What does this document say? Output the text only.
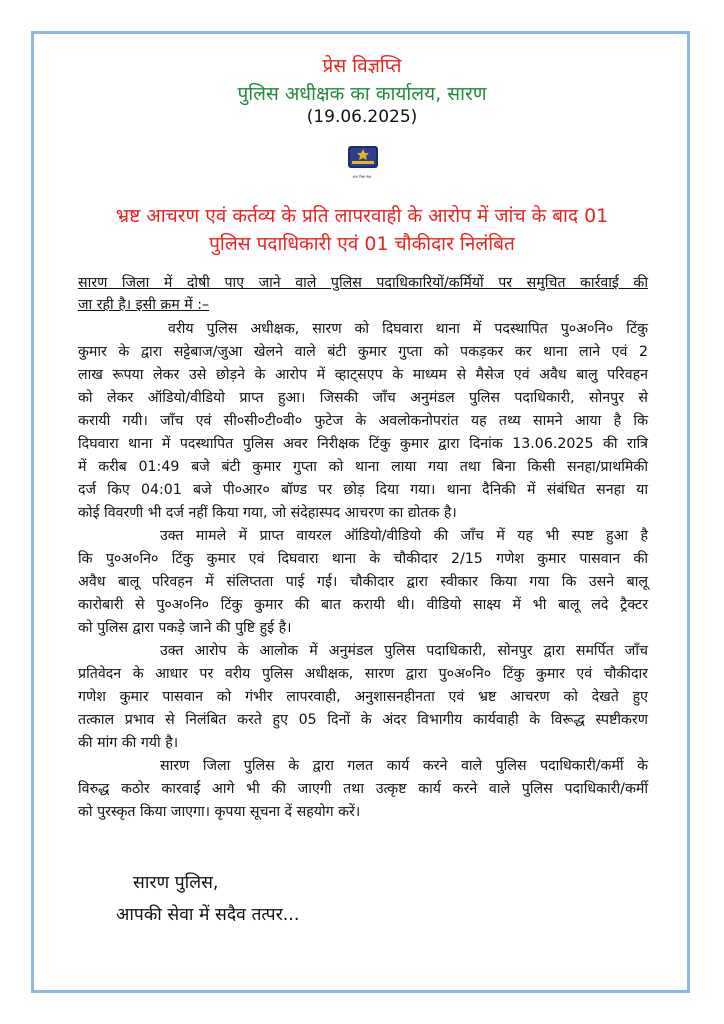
प्रेस विज्ञप्ति
पुलिस अधीक्षक का कार्यालय, सारण
(19.06.2025)
सत्य निष्ठा सेवा
भ्रष्ट आचरण एवं कर्तव्य के प्रति लापरवाही के आरोप में जांच के बाद 01
पुलिस पदाधिकारी एवं 01 चौकीदार निलंबित
सारण जिला में दोषी पाए जाने वाले पुलिस पदाधिकारियों/कर्मियों पर समुचित कार्रवाई की
जा रही है। इसी क्रम में :–
वरीय पुलिस अधीक्षक, सारण को दिघवारा थाना में पदस्थापित पु०अ०नि० टिंकु
कुमार के द्वारा सट्टेबाज/जुआ खेलने वाले बंटी कुमार गुप्ता को पकड़कर कर थाना लाने एवं 2
लाख रूपया लेकर उसे छोड़ने के आरोप में व्हाट्सएप के माध्यम से मैसेज एवं अवैध बालु परिवहन
को लेकर ऑडियो/वीडियो प्राप्त हुआ। जिसकी जाँच अनुमंडल पुलिस पदाधिकारी, सोनपुर से
करायी गयी। जाँच एवं सी०सी०टी०वी० फुटेज के अवलोकनोपरांत यह तथ्य सामने आया है कि
दिघवारा थाना में पदस्थापित पुलिस अवर निरीक्षक टिंकु कुमार द्वारा दिनांक 13.06.2025 की रात्रि
में करीब 01:49 बजे बंटी कुमार गुप्ता को थाना लाया गया तथा बिना किसी सनहा/प्राथमिकी
दर्ज किए 04:01 बजे पी०आर० बॉण्ड पर छोड़ दिया गया। थाना दैनिकी में संबंधित सनहा या
कोई विवरणी भी दर्ज नहीं किया गया, जो संदेहास्पद आचरण का द्योतक है।
उक्त मामले में प्राप्त वायरल ऑडियो/वीडियो की जाँच में यह भी स्पष्ट हुआ है
कि पु०अ०नि० टिंकु कुमार एवं दिघवारा थाना के चौकीदार 2/15 गणेश कुमार पासवान की
अवैध बालू परिवहन में संलिप्तता पाई गई। चौकीदार द्वारा स्वीकार किया गया कि उसने बालू
कारोबारी से पु०अ०नि० टिंकु कुमार की बात करायी थी। वीडियो साक्ष्य में भी बालू लदे ट्रैक्टर
को पुलिस द्वारा पकड़े जाने की पुष्टि हुई है।
उक्त आरोप के आलोक में अनुमंडल पुलिस पदाधिकारी, सोनपुर द्वारा समर्पित जाँच
प्रतिवेदन के आधार पर वरीय पुलिस अधीक्षक, सारण द्वारा पु०अ०नि० टिंकु कुमार एवं चौकीदार
गणेश कुमार पासवान को गंभीर लापरवाही, अनुशासनहीनता एवं भ्रष्ट आचरण को देखते हुए
तत्काल प्रभाव से निलंबित करते हुए 05 दिनों के अंदर विभागीय कार्यवाही के विरूद्ध स्पष्टीकरण
की मांग की गयी है।
सारण जिला पुलिस के द्वारा गलत कार्य करने वाले पुलिस पदाधिकारी/कर्मी के
विरुद्ध कठोर कारवाई आगे भी की जाएगी तथा उत्कृष्ट कार्य करने वाले पुलिस पदाधिकारी/कर्मी
को पुरस्कृत किया जाएगा। कृपया सूचना दें सहयोग करें।
सारण पुलिस,
आपकी सेवा में सदैव तत्पर...
